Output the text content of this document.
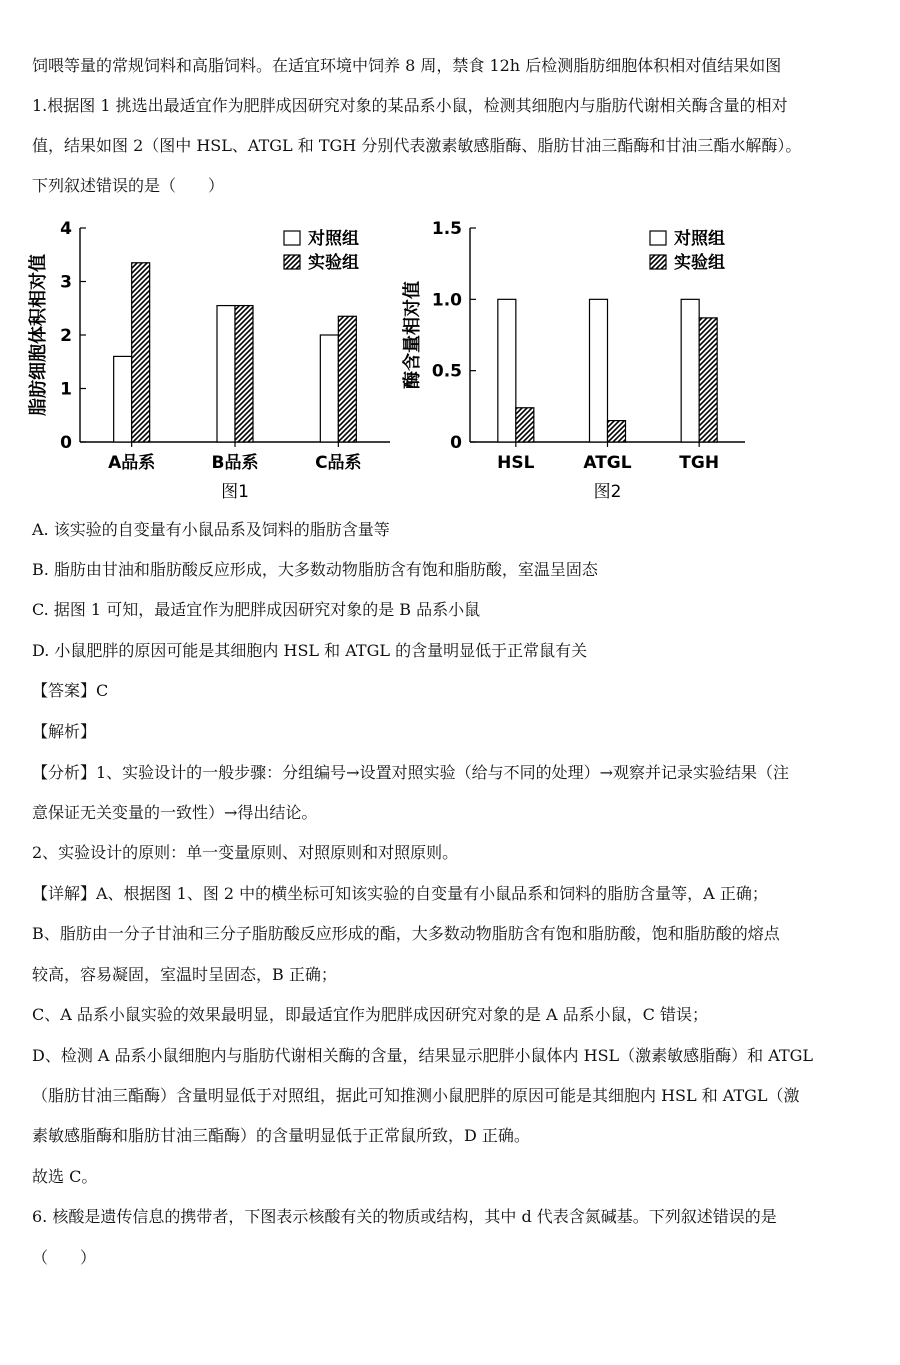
饲喂等量的常规饲料和高脂饲料。在适宜环境中饲养 8 周，禁食 12h 后检测脂肪细胞体积相对值结果如图
1.根据图 1 挑选出最适宜作为肥胖成因研究对象的某品系小鼠，检测其细胞内与脂肪代谢相关酶含量的相对
值，结果如图 2（图中 HSL、ATGL 和 TGH 分别代表激素敏感脂酶、脂肪甘油三酯酶和甘油三酯水解酶）。
下列叙述错误的是（　　）
0
1
2
3
4
脂肪细胞体积相对值
A品系	B品系	C品系
图1
对照组
实验组
0
0.5
1.0
1.5
酶含量相对值
HSL	ATGL	TGH
图2
对照组
实验组
A. 该实验的自变量有小鼠品系及饲料的脂肪含量等
B. 脂肪由甘油和脂肪酸反应形成，大多数动物脂肪含有饱和脂肪酸，室温呈固态
C. 据图 1 可知，最适宜作为肥胖成因研究对象的是 B 品系小鼠
D. 小鼠肥胖的原因可能是其细胞内 HSL 和 ATGL 的含量明显低于正常鼠有关
【答案】C
【解析】
【分析】1、实验设计的一般步骤：分组编号→设置对照实验（给与不同的处理）→观察并记录实验结果（注
意保证无关变量的一致性）→得出结论。
2、实验设计的原则：单一变量原则、对照原则和对照原则。
【详解】A、根据图 1、图 2 中的横坐标可知该实验的自变量有小鼠品系和饲料的脂肪含量等，A 正确；
B、脂肪由一分子甘油和三分子脂肪酸反应形成的酯，大多数动物脂肪含有饱和脂肪酸，饱和脂肪酸的熔点
较高，容易凝固，室温时呈固态，B 正确；
C、A 品系小鼠实验的效果最明显，即最适宜作为肥胖成因研究对象的是 A 品系小鼠，C 错误；
D、检测 A 品系小鼠细胞内与脂肪代谢相关酶的含量，结果显示肥胖小鼠体内 HSL（激素敏感脂酶）和 ATGL
（脂肪甘油三酯酶）含量明显低于对照组，据此可知推测小鼠肥胖的原因可能是其细胞内 HSL 和 ATGL（激
素敏感脂酶和脂肪甘油三酯酶）的含量明显低于正常鼠所致，D 正确。
故选 C。
6. 核酸是遗传信息的携带者，下图表示核酸有关的物质或结构，其中 d 代表含氮碱基。下列叙述错误的是
（　　）
